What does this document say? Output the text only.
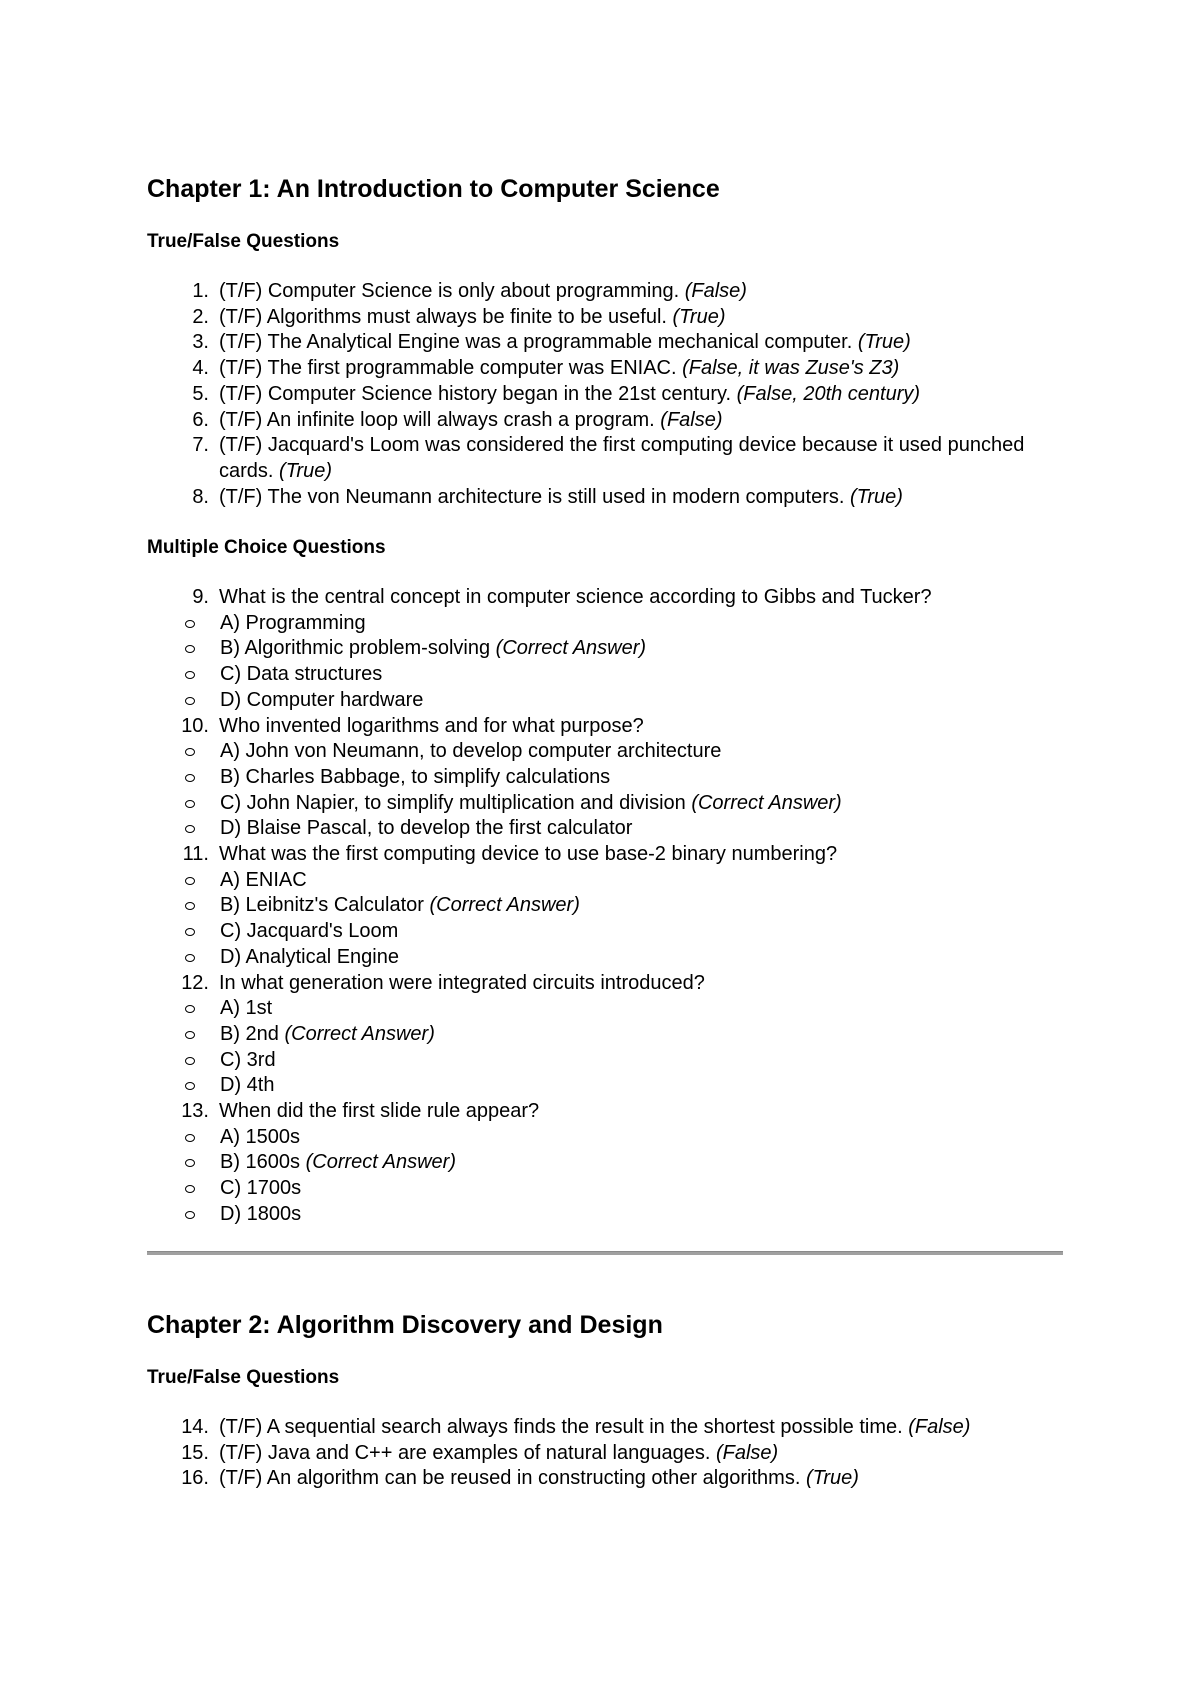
Chapter 1: An Introduction to Computer Science
True/False Questions
1. (T/F) Computer Science is only about programming. (False)
2. (T/F) Algorithms must always be finite to be useful. (True)
3. (T/F) The Analytical Engine was a programmable mechanical computer. (True)
4. (T/F) The first programmable computer was ENIAC. (False, it was Zuse's Z3)
5. (T/F) Computer Science history began in the 21st century. (False, 20th century)
6. (T/F) An infinite loop will always crash a program. (False)
7. (T/F) Jacquard's Loom was considered the first computing device because it used punched cards. (True)
8. (T/F) The von Neumann architecture is still used in modern computers. (True)
Multiple Choice Questions
9. What is the central concept in computer science according to Gibbs and Tucker?
A) Programming
B) Algorithmic problem-solving (Correct Answer)
C) Data structures
D) Computer hardware
10. Who invented logarithms and for what purpose?
A) John von Neumann, to develop computer architecture
B) Charles Babbage, to simplify calculations
C) John Napier, to simplify multiplication and division (Correct Answer)
D) Blaise Pascal, to develop the first calculator
11. What was the first computing device to use base-2 binary numbering?
A) ENIAC
B) Leibnitz's Calculator (Correct Answer)
C) Jacquard's Loom
D) Analytical Engine
12. In what generation were integrated circuits introduced?
A) 1st
B) 2nd (Correct Answer)
C) 3rd
D) 4th
13. When did the first slide rule appear?
A) 1500s
B) 1600s (Correct Answer)
C) 1700s
D) 1800s
Chapter 2: Algorithm Discovery and Design
True/False Questions
14. (T/F) A sequential search always finds the result in the shortest possible time. (False)
15. (T/F) Java and C++ are examples of natural languages. (False)
16. (T/F) An algorithm can be reused in constructing other algorithms. (True)
